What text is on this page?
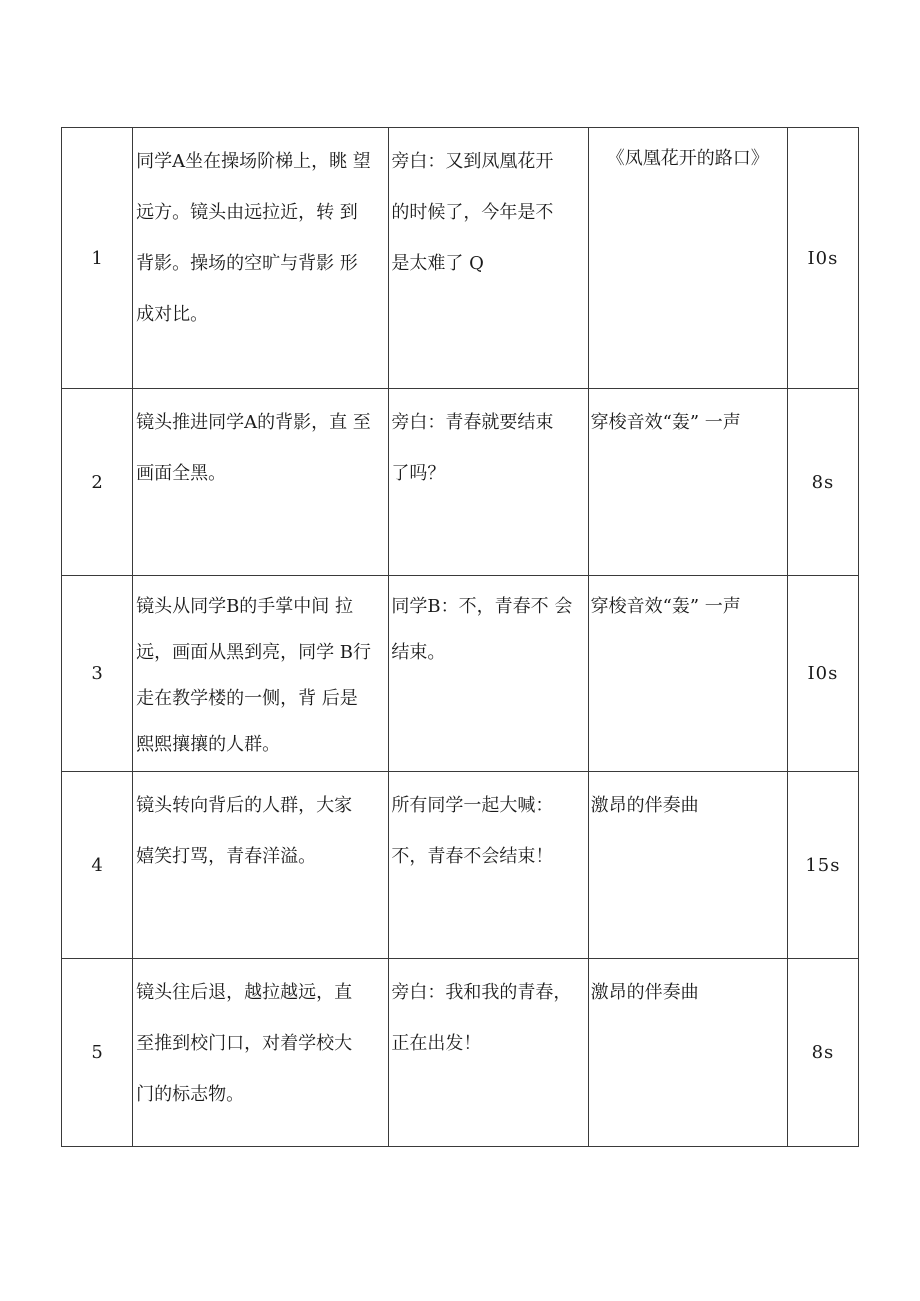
1	同学A坐在操场阶梯上，眺 望
远方。镜头由远拉近，转 到
背影。操场的空旷与背影 形
成对比。	旁白：又到凤凰花开
的时候了，今年是不
是太难了 Q	《凤凰花开的路口》	I0s
2	镜头推进同学A的背影，直 至
画面全黑。	旁白：青春就要结束
了吗？	穿梭音效“轰” 一声	8s
3	镜头从同学B的手掌中间 拉
远，画面从黑到亮，同学 B行
走在教学楼的一侧，背 后是
熙熙攘攘的人群。	同学B：不，青春不 会
结束。	穿梭音效“轰” 一声	I0s
4	镜头转向背后的人群，大家
嬉笑打骂，青春洋溢。	所有同学一起大喊：
不，青春不会结束！	激昂的伴奏曲	15s
5	镜头往后退，越拉越远，直
至推到校门口，对着学校大
门的标志物。	旁白：我和我的青春，
正在出发！	激昂的伴奏曲	8s
